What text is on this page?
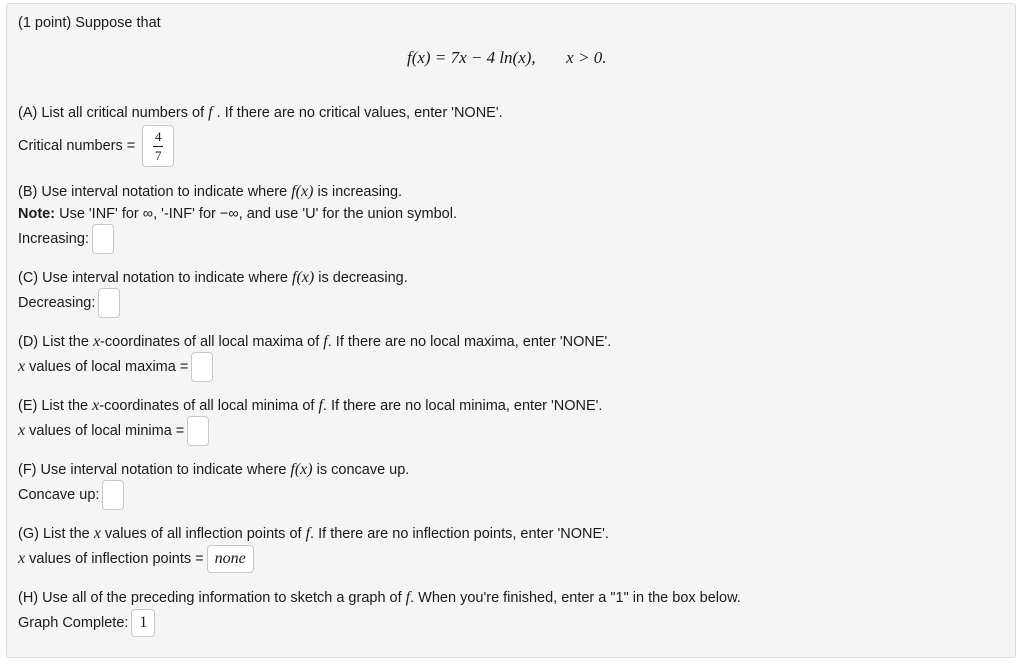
(1 point) Suppose that
f(x) = 7x − 4 ln(x), x > 0.
(A) List all critical numbers of f . If there are no critical values, enter 'NONE'.
Critical numbers = $\frac{4}{7}$
(B) Use interval notation to indicate where f(x) is increasing.
Note: Use 'INF' for ∞, '-INF' for −∞, and use 'U' for the union symbol.
Increasing:
(C) Use interval notation to indicate where f(x) is decreasing.
Decreasing:
(D) List the x-coordinates of all local maxima of f. If there are no local maxima, enter 'NONE'.
x values of local maxima =
(E) List the x-coordinates of all local minima of f. If there are no local minima, enter 'NONE'.
x values of local minima =
(F) Use interval notation to indicate where f(x) is concave up.
Concave up:
(G) List the x values of all inflection points of f. If there are no inflection points, enter 'NONE'.
x values of inflection points = none
(H) Use all of the preceding information to sketch a graph of f. When you're finished, enter a "1" in the box below.
Graph Complete: 1
